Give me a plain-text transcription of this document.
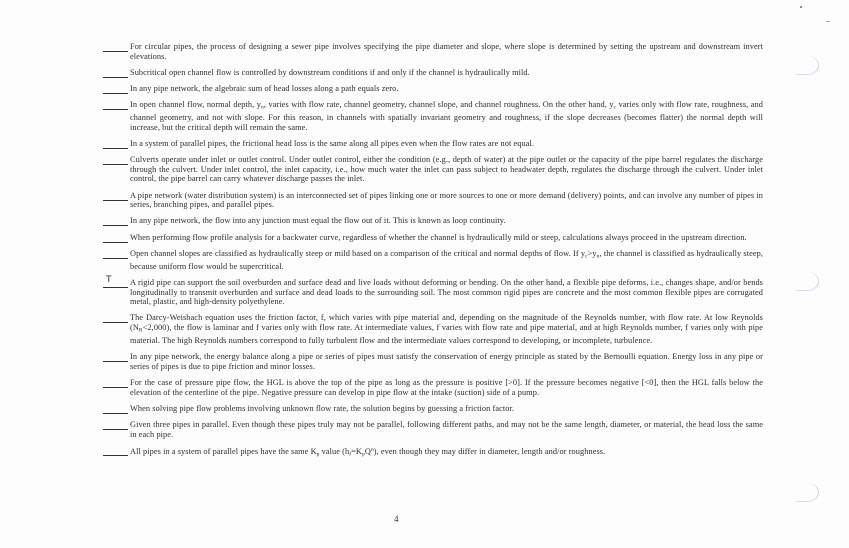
For circular pipes, the process of designing a sewer pipe involves specifying the pipe diameter and slope, where slope is determined by setting the upstream and downstream invert elevations.
Subcritical open channel flow is controlled by downstream conditions if and only if the channel is hydraulically mild.
In any pipe network, the algebraic sum of head losses along a path equals zero.
In open channel flow, normal depth, $y_n$, varies with flow rate, channel geometry, channel slope, and channel roughness. On the other hand, $y_c$ varies only with flow rate, roughness, and channel geometry, and not with slope. For this reason, in channels with spatially invariant geometry and roughness, if the slope decreases (becomes flatter) the normal depth will increase, but the critical depth will remain the same.
In a system of parallel pipes, the frictional head loss is the same along all pipes even when the flow rates are not equal.
Culverts operate under inlet or outlet control. Under outlet control, either the condition (e.g., depth of water) at the pipe outlet or the capacity of the pipe barrel regulates the discharge through the culvert. Under inlet control, the inlet capacity, i.e., how much water the inlet can pass subject to headwater depth, regulates the discharge through the culvert. Under inlet control, the pipe barrel can carry whatever discharge passes the inlet.
A pipe network (water distribution system) is an interconnected set of pipes linking one or more sources to one or more demand (delivery) points, and can involve any number of pipes in series, branching pipes, and parallel pipes.
In any pipe network, the flow into any junction must equal the flow out of it. This is known as loop continuity.
When performing flow profile analysis for a backwater curve, regardless of whether the channel is hydraulically mild or steep, calculations always proceed in the upstream direction.
Open channel slopes are classified as hydraulically steep or mild based on a comparison of the critical and normal depths of flow. If $y_c>y_n$, the channel is classified as hydraulically steep, because uniform flow would be supercritical.
T A rigid pipe can support the soil overburden and surface dead and live loads without deforming or bending. On the other hand, a flexible pipe deforms, i.e., changes shape, and/or bends longitudinally to transmit overburden and surface and dead loads to the surrounding soil. The most common rigid pipes are concrete and the most common flexible pipes are corrugated metal, plastic, and high-density polyethylene.
The Darcy-Weisbach equation uses the friction factor, f, which varies with pipe material and, depending on the magnitude of the Reynolds number, with flow rate. At low Reynolds $(N_R<2,000)$, the flow is laminar and f varies only with flow rate. At intermediate values, f varies with flow rate and pipe material, and at high Reynolds number, f varies only with pipe material. The high Reynolds numbers correspond to fully turbulent flow and the intermediate values correspond to developing, or incomplete, turbulence.
In any pipe network, the energy balance along a pipe or series of pipes must satisfy the conservation of energy principle as stated by the Bernoulli equation. Energy loss in any pipe or series of pipes is due to pipe friction and minor losses.
For the case of pressure pipe flow, the HGL is above the top of the pipe as long as the pressure is positive [>0]. If the pressure becomes negative [<0], then the HGL falls below the elevation of the centerline of the pipe. Negative pressure can develop in pipe flow at the intake (suction) side of a pump.
When solving pipe flow problems involving unknown flow rate, the solution begins by guessing a friction factor.
Given three pipes in parallel. Even though these pipes truly may not be parallel, following different paths, and may not be the same length, diameter, or material, the head loss the same in each pipe.
All pipes in a system of parallel pipes have the same $K_p$ value $(h_f=K_pQ^n)$, even though they may differ in diameter, length and/or roughness.
4
